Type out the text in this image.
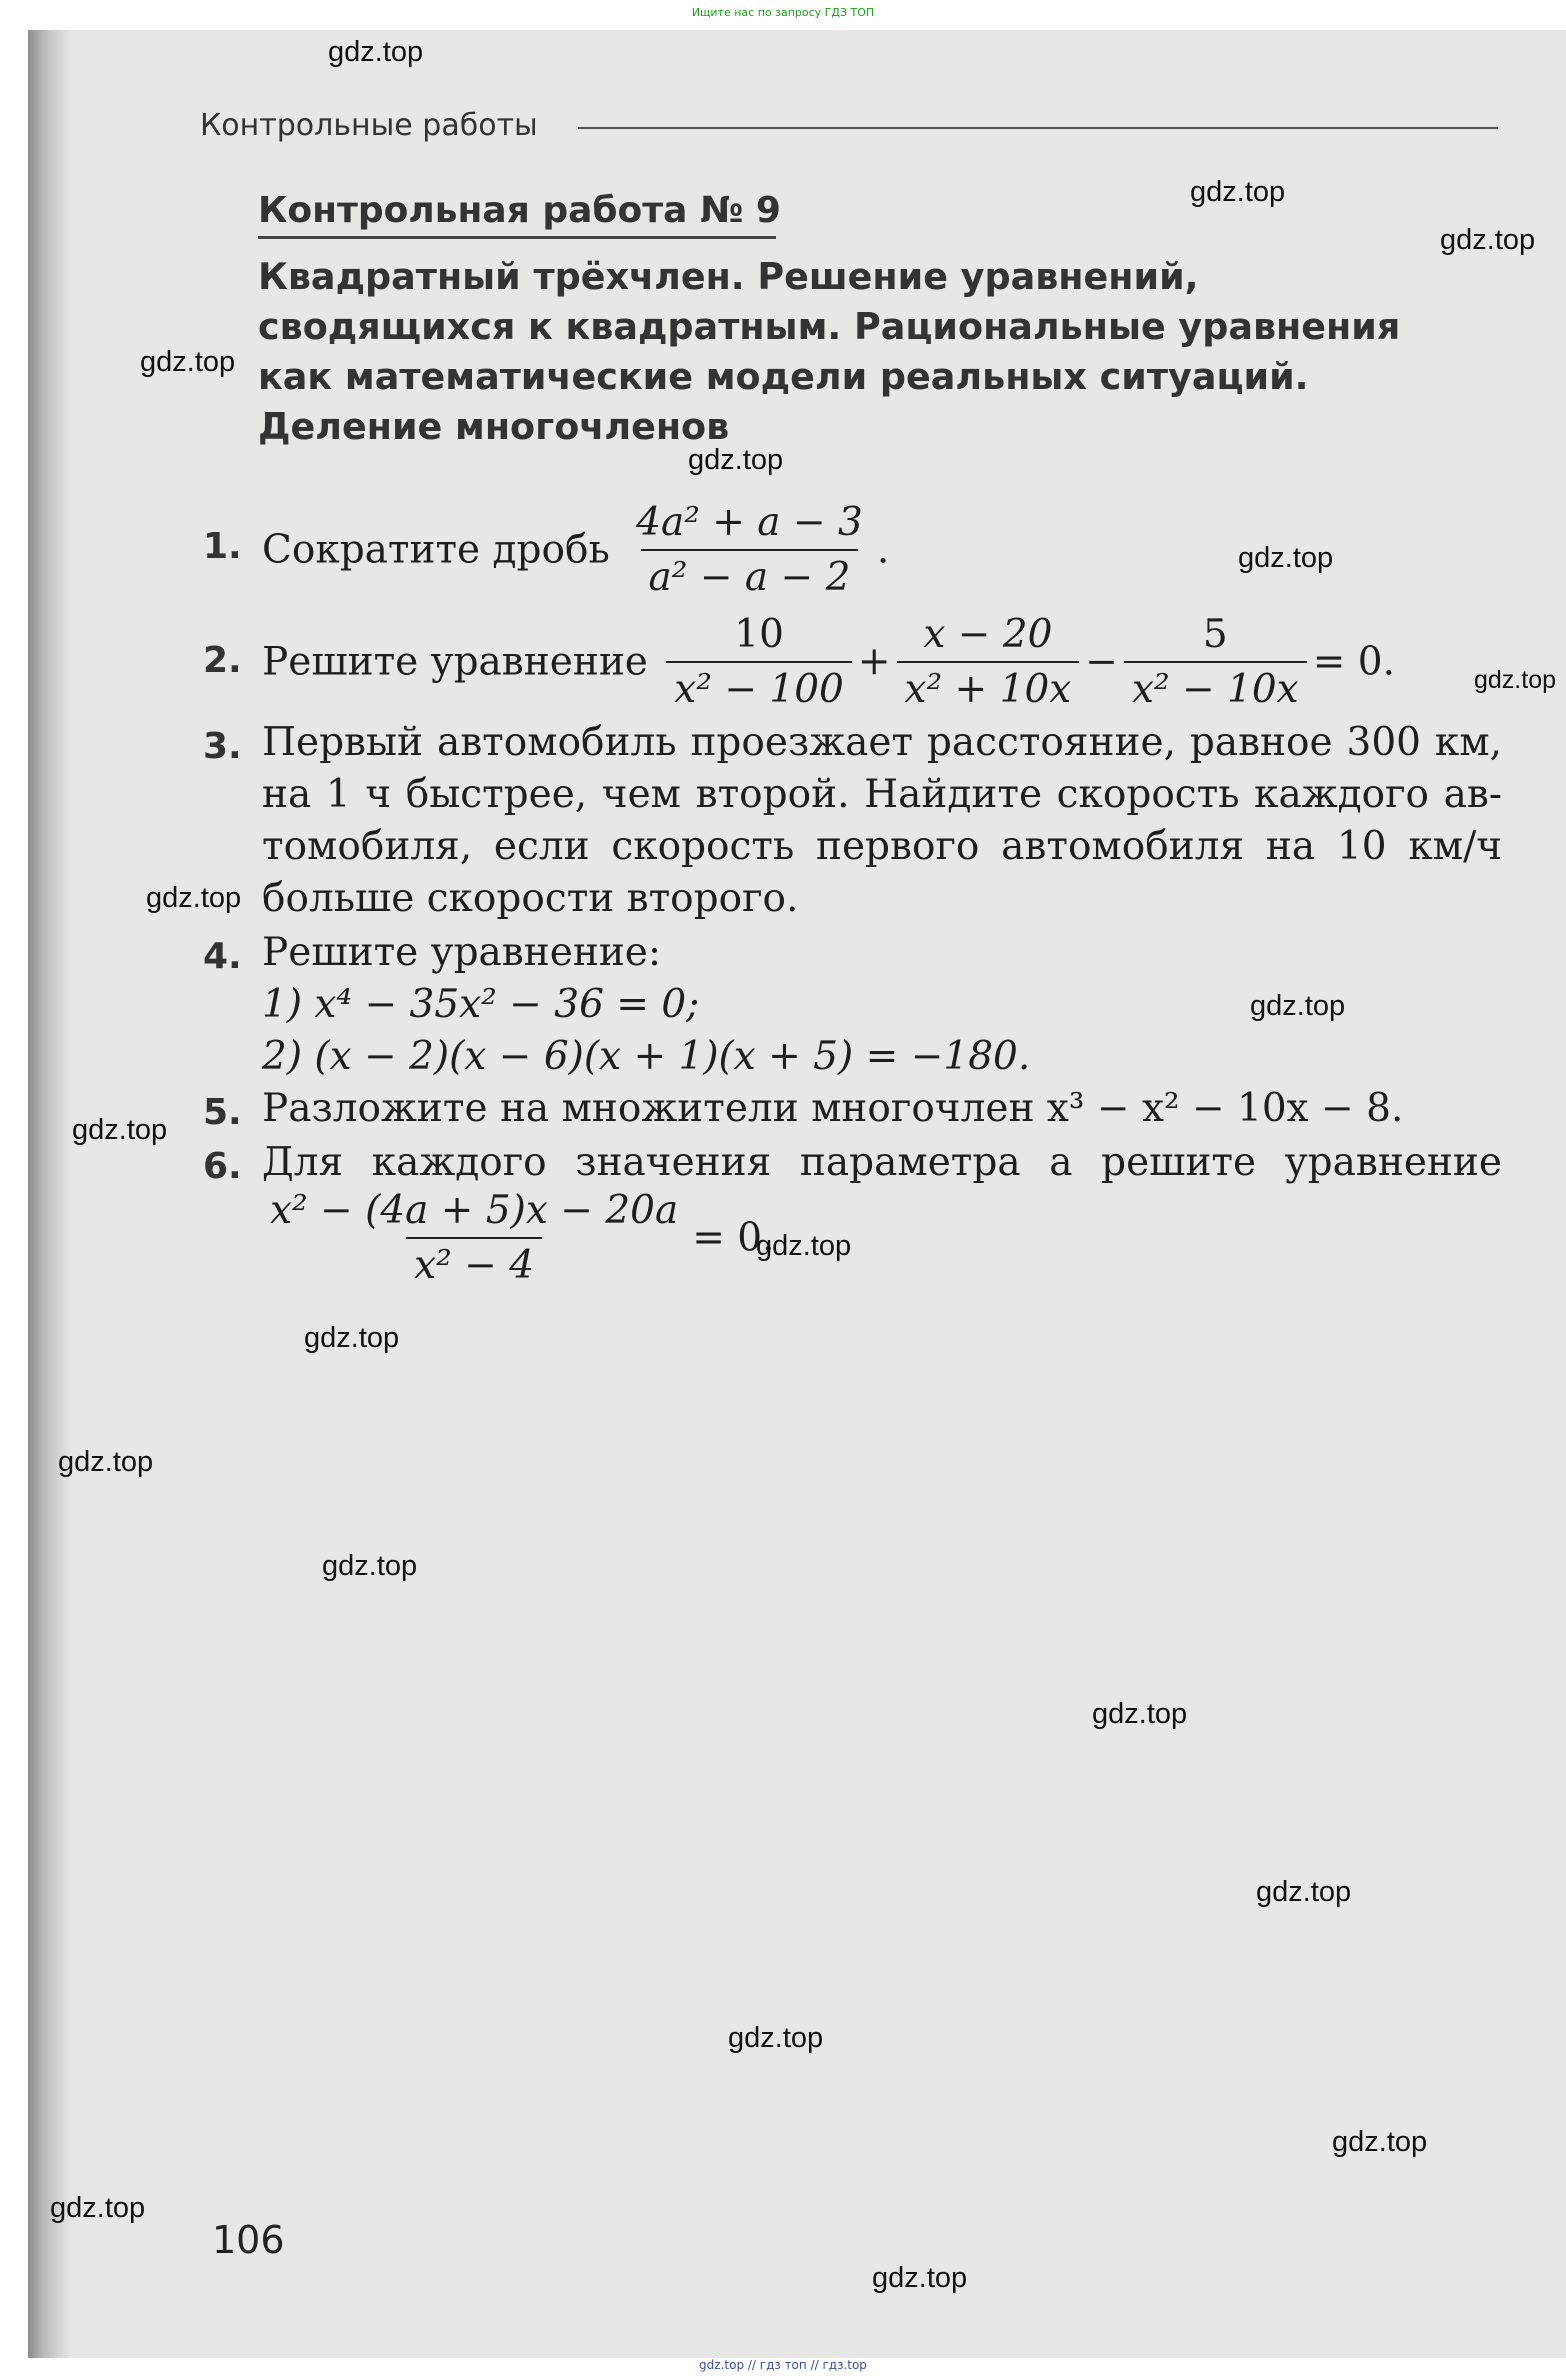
Ищите нас по запросу ГДЗ ТОП
Контрольные работы
Контрольная работа № 9
Квадратный трёхчлен. Решение уравнений,
сводящихся к квадратным. Рациональные уравнения
как математические модели реальных ситуаций.
Деление многочленов
1. Сократите дробь $\frac{\text{4a² + a − 3}}{\text{a² − a − 2}}$ .
2. Решите уравнение $\frac{10}{\text{x² − 100}} + \frac{x - 20}{\text{x² + 10x}} - \frac{5}{\text{x² − 10x}} = 0$.
3. Первый автомобиль проезжает расстояние, равное 300 км,
на 1 ч быстрее, чем второй. Найдите скорость каждого ав-
томобиля, если скорость первого автомобиля на 10 км/ч
больше скорости второго.
4. Решите уравнение:
1) x⁴ − 35x² − 36 = 0;
2) (x − 2)(x − 6)(x + 1)(x + 5) = −180.
5. Разложите на множители многочлен x³ − x² − 10x − 8.
6. Для каждого значения параметра a решите уравнение
$\frac{\text{x² − (4a + 5)x − 20a}}{\text{x² − 4}} = 0$.
106
gdz.top
gdz.top
gdz.top
gdz.top
gdz.top
gdz.top
gdz.top
gdz.top
gdz.top
gdz.top
gdz.top
gdz.top
gdz.top
gdz.top
gdz.top
gdz.top
gdz.top
gdz.top
gdz.top
gdz.top
gdz.top // гдз топ // гдз.top
